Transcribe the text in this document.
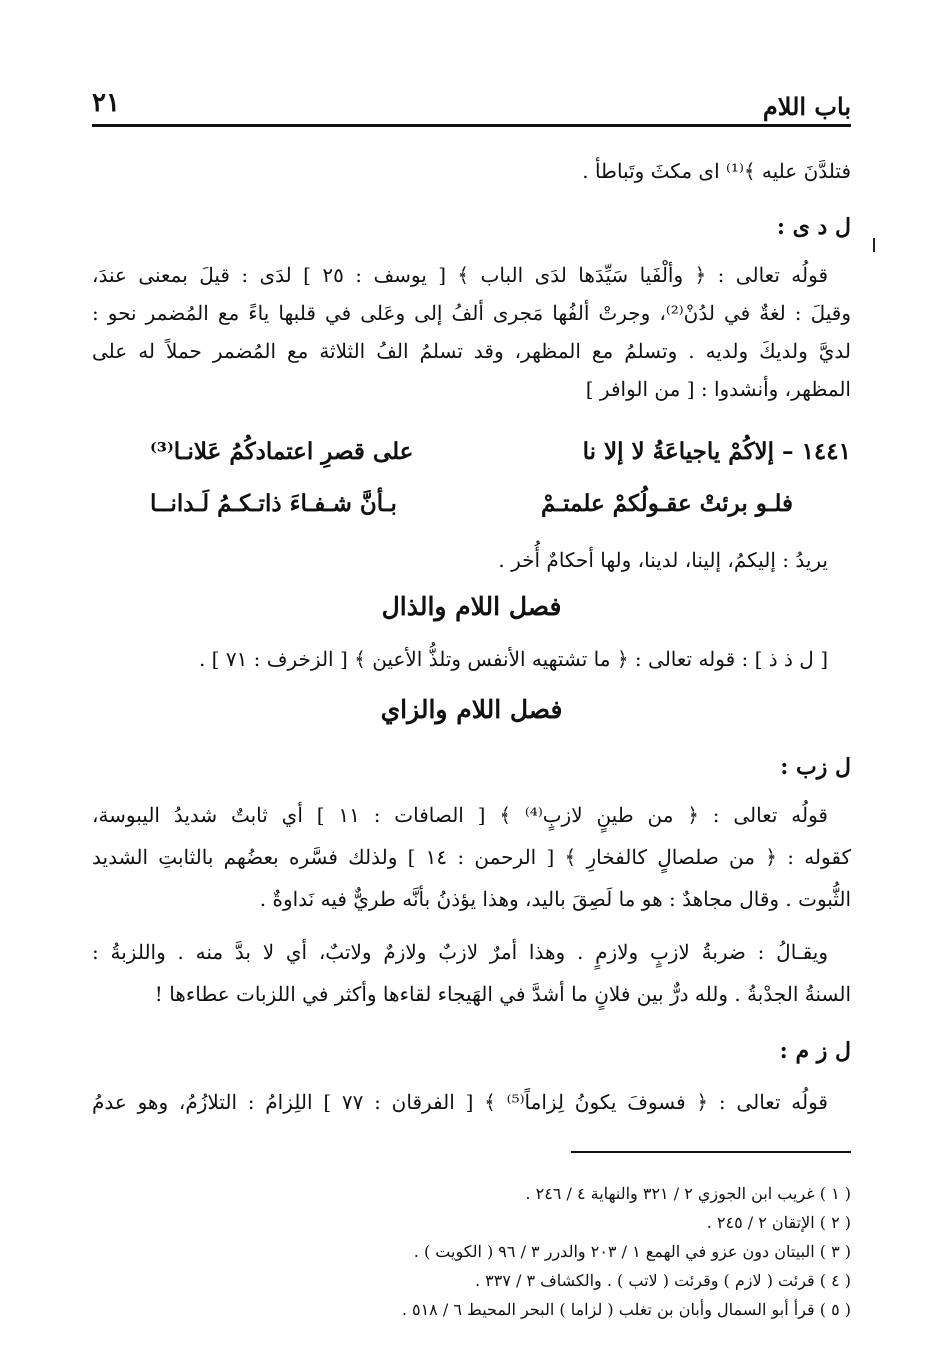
باب اللام
٢١
فتلدَّنَ عليه ﴾⁽¹⁾ اى مكثَ وتَباطأ .
ل د ى :
قولُه تعالى : ﴿ وألْفَيا سَيِّدَها لدَى الباب ﴾ [ يوسف : ٢٥ ] لدَى : قيلَ بمعنى عندَ،
وقيلَ : لغةٌ في لدُنْ⁽²⁾، وجرتْ ألفُها مَجرى ألفُ إلى وعَلى في قلبها ياءً مع المُضمر نحو :
لديَّ ولديكَ ولديه . وتسلمُ مع المظهر، وقد تسلمُ الفُ الثلاثة مع المُضمر حملاً له على
المظهر، وأنشدوا : [ من الوافر ]
١٤٤١ – إلاكُمْ ياجياعَةُ لا إلا نا
على قصرِ اعتمادكُمُ عَلانـا⁽³⁾
فلـو برئتْ عقـولُكمْ علمتـمْ
بـأنَّ شـفـاءَ ذاتـكـمُ لَـدانــا
يريدُ : إليكمُ، إلينا، لدينا، ولها أحكامٌ أُخر .
فصل اللام والذال
[ ل ذ ذ ] : قوله تعالى : ﴿ ما تشتهيه الأنفس وتلذُّ الأعين ﴾ [ الزخرف : ٧١ ] .
فصل اللام والزاي
ل زب :
قولُه تعالى : ﴿ من طينٍ لازبٍ⁽⁴⁾ ﴾ [ الصافات : ١١ ] أي ثابتٌ شديدُ اليبوسة،
كقوله : ﴿ من صلصالٍ كالفخارِ ﴾ [ الرحمن : ١٤ ] ولذلك فسَّره بعضُهم بالثابتِ الشديد
الثُّبوت . وقال مجاهدٌ : هو ما لَصِقَ باليد، وهذا يؤذنُ بأنَّه طريٌّ فيه نَداوةٌ .
ويقـالُ : ضربةُ لازبٍ ولازمٍ . وهذا أمرٌ لازبٌ ولازمٌ ولاتبٌ، أي لا بدَّ منه . واللزبةُ :
السنةُ الجدْبةُ . ولله درٌّ بين فلانٍ ما أشدَّ في الهَيجاء لقاءها وأكثر في اللزبات عطاءها !
ل ز م :
قولُه تعالى : ﴿ فسوفَ يكونُ لِزاماً⁽⁵⁾ ﴾ [ الفرقان : ٧٧ ] اللِزامُ : التلازُمُ، وهو عدمُ
( ١ ) غريب ابن الجوزي ٢ / ٣٢١ والنهاية ٤ / ٢٤٦ .
( ٢ ) الإتقان ٢ / ٢٤٥ .
( ٣ ) البيتان دون عزو في الهمع ١ / ٢٠٣ والدرر ٣ / ٩٦ ( الكويت ) .
( ٤ ) قرئت ( لازم ) وقرئت ( لاتب ) . والكشاف ٣ / ٣٣٧ .
( ٥ ) قرأ أبو السمال وأبان بن تغلب ( لزاما ) البحر المحيط ٦ / ٥١٨ .
